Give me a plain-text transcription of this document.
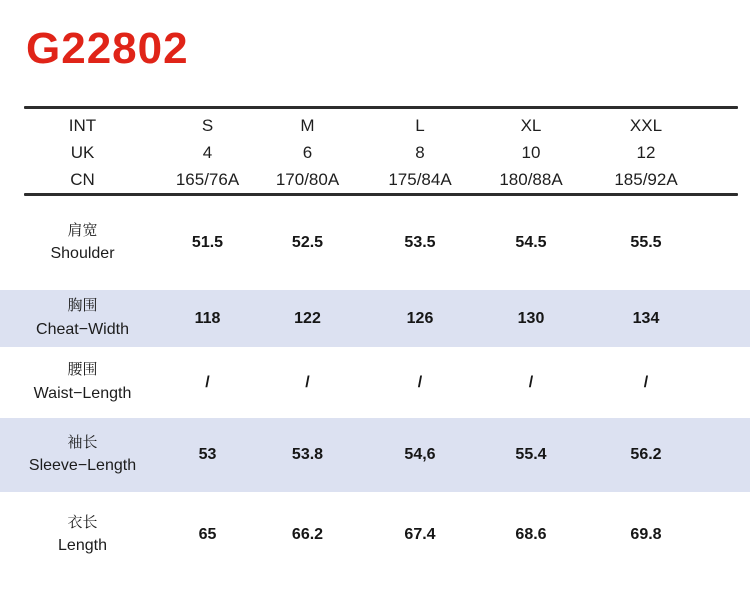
G22802
INT	S	M	L	XL	XXL
UK	4	6	8	10	12
CN	165/76A	170/80A	175/84A	180/88A	185/92A
肩宽
Shoulder
51.5	52.5	53.5	54.5	55.5
胸围
Cheat−Width
118	122	126	130	134
腰围
Waist−Length
/	/	/	/	/
袖长
Sleeve−Length
53	53.8	54,6	55.4	56.2
衣长
Length
65	66.2	67.4	68.6	69.8
